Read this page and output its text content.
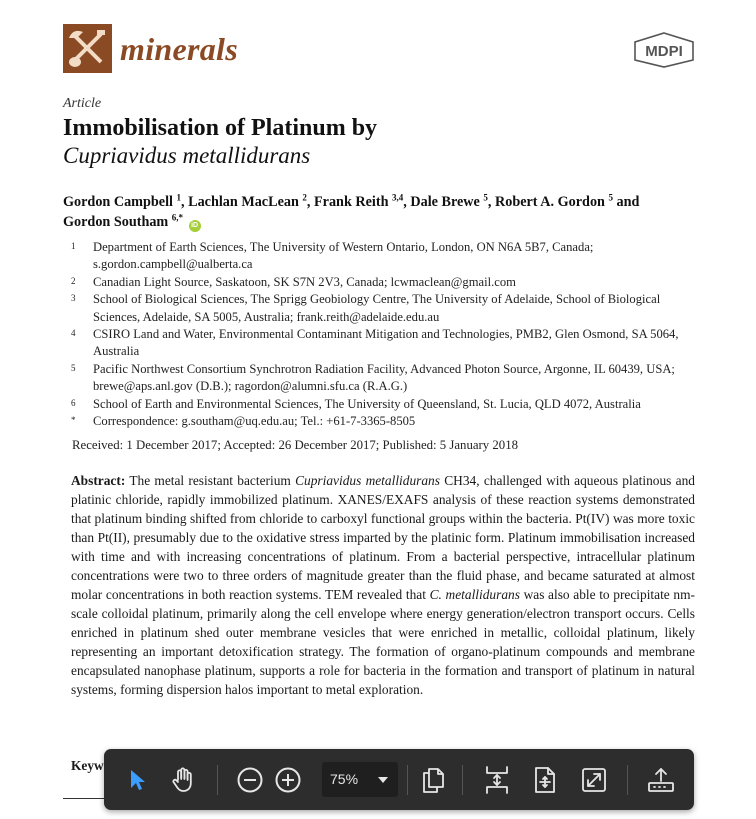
minerals	MDPI
Article
Immobilisation of Platinum by
Cupriavidus metallidurans
Gordon Campbell $^1$, Lachlan MacLean $^2$, Frank Reith $^{3,4}$, Dale Brewe $^5$, Robert A. Gordon $^5$ and
Gordon Southam $^{6,*}$ iD
1	Department of Earth Sciences, The University of Western Ontario, London, ON N6A 5B7, Canada; s.gordon.campbell@ualberta.ca
2	Canadian Light Source, Saskatoon, SK S7N 2V3, Canada; lcwmaclean@gmail.com
3	School of Biological Sciences, The Sprigg Geobiology Centre, The University of Adelaide, School of Biological Sciences, Adelaide, SA 5005, Australia; frank.reith@adelaide.edu.au
4	CSIRO Land and Water, Environmental Contaminant Mitigation and Technologies, PMB2, Glen Osmond, SA 5064, Australia
5	Pacific Northwest Consortium Synchrotron Radiation Facility, Advanced Photon Source, Argonne, IL 60439, USA; brewe@aps.anl.gov (D.B.); ragordon@alumni.sfu.ca (R.A.G.)
6	School of Earth and Environmental Sciences, The University of Queensland, St. Lucia, QLD 4072, Australia
*	Correspondence: g.southam@uq.edu.au; Tel.: +61-7-3365-8505
Received: 1 December 2017; Accepted: 26 December 2017; Published: 5 January 2018
Abstract: The metal resistant bacterium Cupriavidus metallidurans CH34, challenged with aqueous platinous and platinic chloride, rapidly immobilized platinum. XANES/EXAFS analysis of these reaction systems demonstrated that platinum binding shifted from chloride to carboxyl functional groups within the bacteria. Pt(IV) was more toxic than Pt(II), presumably due to the oxidative stress imparted by the platinic form. Platinum immobilisation increased with time and with increasing concentrations of platinum. From a bacterial perspective, intracellular platinum concentrations were two to three orders of magnitude greater than the fluid phase, and became saturated at almost molar concentrations in both reaction systems. TEM revealed that C. metallidurans was also able to precipitate nm-scale colloidal platinum, primarily along the cell envelope where energy generation/electron transport occurs. Cells enriched in platinum shed outer membrane vesicles that were enriched in metallic, colloidal platinum, likely representing an important detoxification strategy. The formation of organo-platinum compounds and membrane encapsulated nanophase platinum, supports a role for bacteria in the formation and transport of platinum in natural systems, forming dispersion halos important to metal exploration.
Keyw
75%
